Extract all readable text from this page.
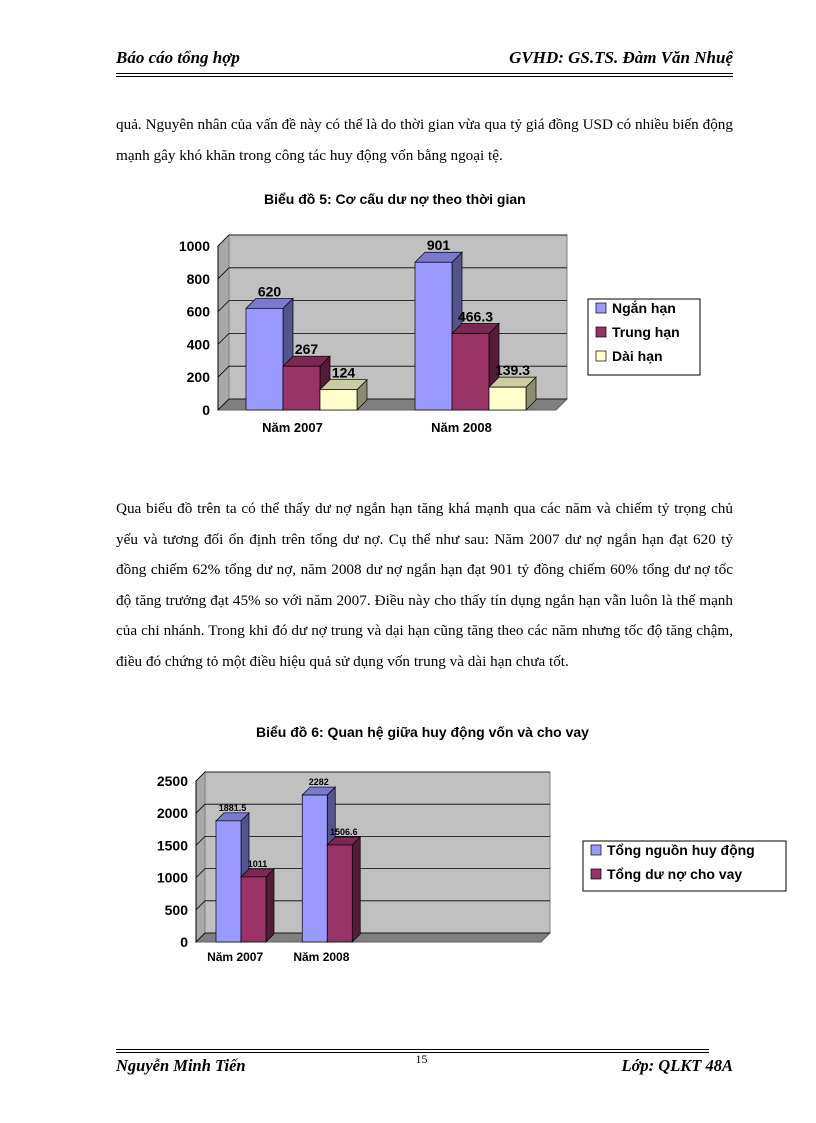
Báo cáo tổng hợp	GVHD: GS.TS. Đàm Văn Nhuệ

quả. Nguyên nhân của vấn đề này có thể là do thời gian vừa qua tỷ giá đồng USD có nhiều biến động mạnh gây khó khăn trong công tác huy động vốn bằng ngoại tệ.

Biểu đồ 5: Cơ cấu dư nợ theo thời gian
0
200
400
600
800
1000
Năm 2007	Năm 2008
620
901
267
466.3
124	139.3
Ngắn hạn
Trung hạn
Dài hạn

Qua biểu đồ trên ta có thể thấy dư nợ ngắn hạn tăng khá mạnh qua các năm và chiếm tỷ trọng chủ yếu và tương đối ổn định trên tổng dư nợ. Cụ thể như sau: Năm 2007 dư nợ ngắn hạn đạt 620 tỷ đồng chiếm 62% tổng dư nợ, năm 2008 dư nợ ngắn hạn đạt 901 tỷ đồng chiếm 60% tổng dư nợ tốc độ tăng trưởng đạt 45% so với năm 2007. Điều này cho thấy tín dụng ngắn hạn vẫn luôn là thế mạnh của chi nhánh. Trong khi đó dư nợ trung và dại hạn cũng tăng theo các năm nhưng tốc độ tăng chậm, điều đó chứng tỏ một điều hiệu quả sử dụng vốn trung và dài hạn chưa tốt.

Biểu đồ 6: Quan hệ giữa huy động vốn và cho vay
0
500
1000
1500
2000
2500
Năm 2007	Năm 2008
1881.5
2282
1011
1506.6
Tổng nguồn huy động
Tổng dư nợ cho vay
Nguyễn Minh Tiến	15	Lớp: QLKT 48A
